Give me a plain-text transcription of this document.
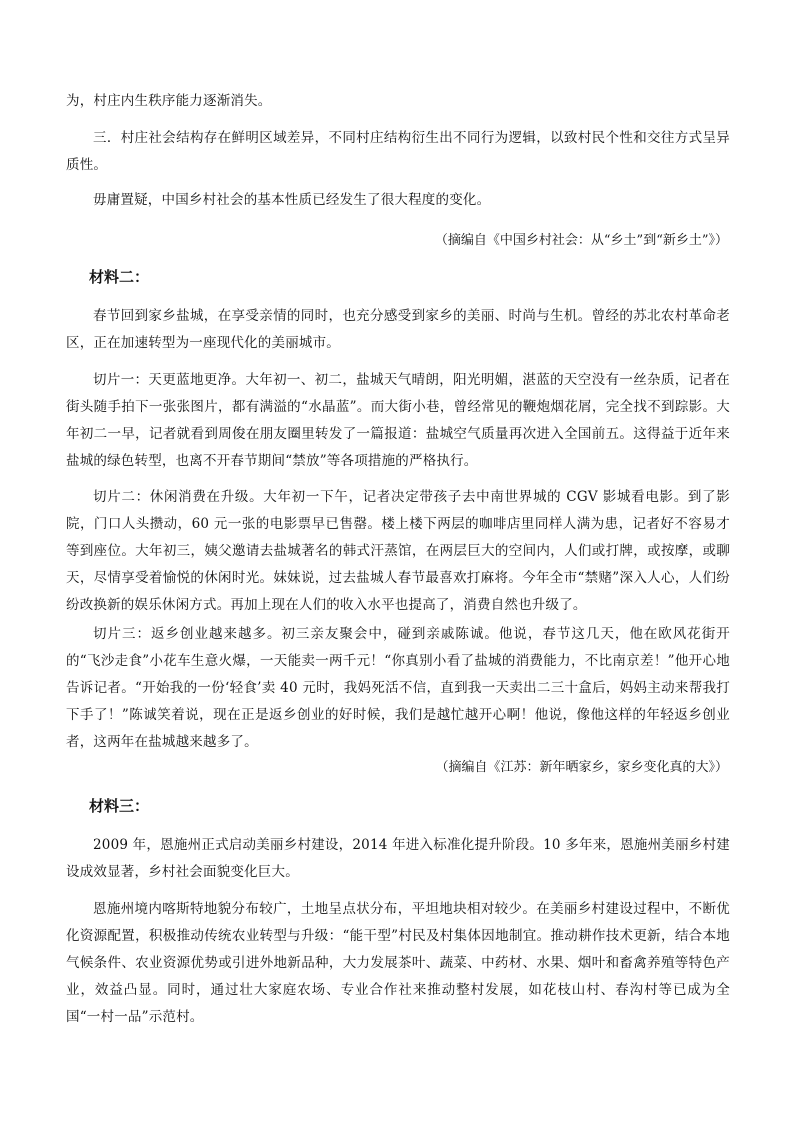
为，村庄内生秩序能力逐渐消失。

三．村庄社会结构存在鲜明区域差异，不同村庄结构衍生出不同行为逻辑，以致村民个性和交往方式呈异质性。

毋庸置疑，中国乡村社会的基本性质已经发生了很大程度的变化。

（摘编自《中国乡村社会：从“乡土”到“新乡土”》）

材料二：

春节回到家乡盐城，在享受亲情的同时，也充分感受到家乡的美丽、时尚与生机。曾经的苏北农村革命老区，正在加速转型为一座现代化的美丽城市。

切片一：天更蓝地更净。大年初一、初二，盐城天气晴朗，阳光明媚，湛蓝的天空没有一丝杂质，记者在街头随手拍下一张张图片，都有满溢的“水晶蓝”。而大街小巷，曾经常见的鞭炮烟花屑，完全找不到踪影。大年初二一早，记者就看到周俊在朋友圈里转发了一篇报道：盐城空气质量再次进入全国前五。这得益于近年来盐城的绿色转型，也离不开春节期间“禁放”等各项措施的严格执行。

切片二：休闲消费在升级。大年初一下午，记者决定带孩子去中南世界城的 CGV 影城看电影。到了影院，门口人头攒动，60 元一张的电影票早已售罄。楼上楼下两层的咖啡店里同样人满为患，记者好不容易才等到座位。大年初三，姨父邀请去盐城著名的韩式汗蒸馆，在两层巨大的空间内，人们或打牌，或按摩，或聊天，尽情享受着愉悦的休闲时光。妹妹说，过去盐城人春节最喜欢打麻将。今年全市“禁赌”深入人心，人们纷纷改换新的娱乐休闲方式。再加上现在人们的收入水平也提高了，消费自然也升级了。

切片三：返乡创业越来越多。初三亲友聚会中，碰到亲戚陈诚。他说，春节这几天，他在欧风花街开的“飞沙走食”小花车生意火爆，一天能卖一两千元！“你真别小看了盐城的消费能力，不比南京差！”他开心地告诉记者。“开始我的一份‘轻食’卖 40 元时，我妈死活不信，直到我一天卖出二三十盒后，妈妈主动来帮我打下手了！”陈诚笑着说，现在正是返乡创业的好时候，我们是越忙越开心啊！他说，像他这样的年轻返乡创业者，这两年在盐城越来越多了。

（摘编自《江苏：新年晒家乡，家乡变化真的大》）

材料三：

2009 年，恩施州正式启动美丽乡村建设，2014 年进入标准化提升阶段。10 多年来，恩施州美丽乡村建设成效显著，乡村社会面貌变化巨大。

恩施州境内喀斯特地貌分布较广，土地呈点状分布，平坦地块相对较少。在美丽乡村建设过程中，不断优化资源配置，积极推动传统农业转型与升级：“能干型”村民及村集体因地制宜。推动耕作技术更新，结合本地气候条件、农业资源优势或引进外地新品种，大力发展茶叶、蔬菜、中药材、水果、烟叶和畜禽养殖等特色产业，效益凸显。同时，通过壮大家庭农场、专业合作社来推动整村发展，如花枝山村、春沟村等已成为全国“一村一品”示范村。
